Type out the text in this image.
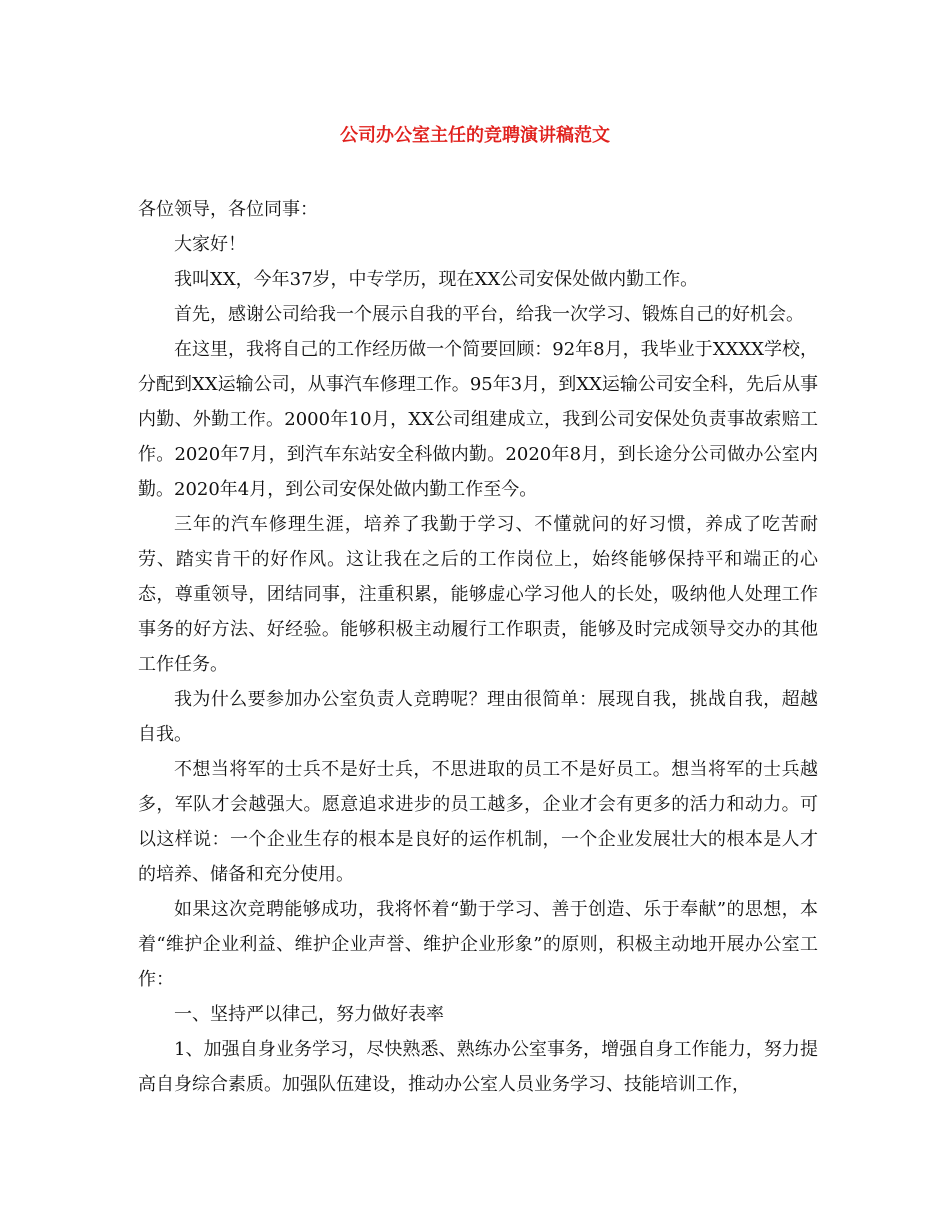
公司办公室主任的竞聘演讲稿范文

各位领导，各位同事：

大家好！

我叫XX，今年37岁，中专学历，现在XX公司安保处做内勤工作。

首先，感谢公司给我一个展示自我的平台，给我一次学习、锻炼自己的好机会。

在这里，我将自己的工作经历做一个简要回顾：92年8月，我毕业于XXXX学校，分配到XX运输公司，从事汽车修理工作。95年3月，到XX运输公司安全科，先后从事内勤、外勤工作。2000年10月，XX公司组建成立，我到公司安保处负责事故索赔工作。2020年7月，到汽车东站安全科做内勤。2020年8月，到长途分公司做办公室内勤。2020年4月，到公司安保处做内勤工作至今。

三年的汽车修理生涯，培养了我勤于学习、不懂就问的好习惯，养成了吃苦耐劳、踏实肯干的好作风。这让我在之后的工作岗位上，始终能够保持平和端正的心态，尊重领导，团结同事，注重积累，能够虚心学习他人的长处，吸纳他人处理工作事务的好方法、好经验。能够积极主动履行工作职责，能够及时完成领导交办的其他工作任务。

我为什么要参加办公室负责人竞聘呢？理由很简单：展现自我，挑战自我，超越自我。

不想当将军的士兵不是好士兵，不思进取的员工不是好员工。想当将军的士兵越多，军队才会越强大。愿意追求进步的员工越多，企业才会有更多的活力和动力。可以这样说：一个企业生存的根本是良好的运作机制，一个企业发展壮大的根本是人才的培养、储备和充分使用。

如果这次竞聘能够成功，我将怀着“勤于学习、善于创造、乐于奉献”的思想，本着“维护企业利益、维护企业声誉、维护企业形象”的原则，积极主动地开展办公室工作：

一、坚持严以律己，努力做好表率

1、加强自身业务学习，尽快熟悉、熟练办公室事务，增强自身工作能力，努力提高自身综合素质。加强队伍建设，推动办公室人员业务学习、技能培训工作，
